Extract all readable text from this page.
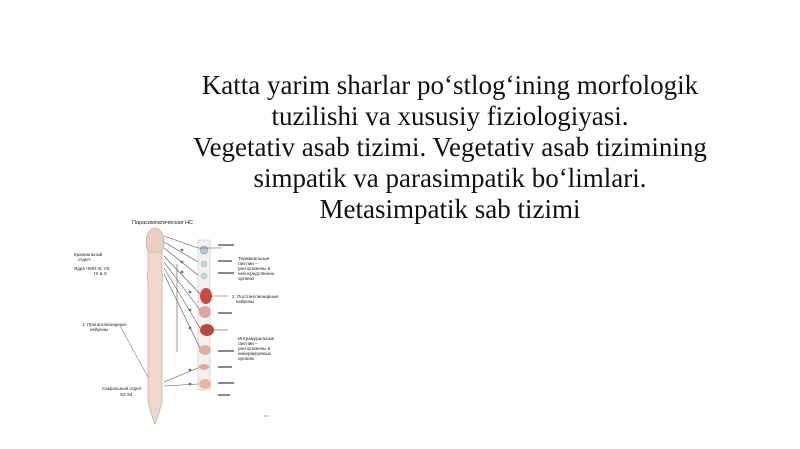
Katta yarim sharlar po‘stlog‘ining morfologik
tuzilishi va xususiy fiziologiyasi.
Vegetativ asab tizimi. Vegetativ asab tizimining
simpatik va parasimpatik bo‘limlari.
Metasimpatik sab tizimi
Парасимпатическая НС
Краниальный
отдел:
Ядра ЧМН III, VII,
IX & X
1. Преганглионарные
нейроны
Сакральный отдел:
S2-S4
Терминальные
ганглии –
расположены в
непосредственно
органах
2. Постганглионарные
нейроны
Интрамуральные
ганглии –
расположены в
иннервируемых
органах
19
